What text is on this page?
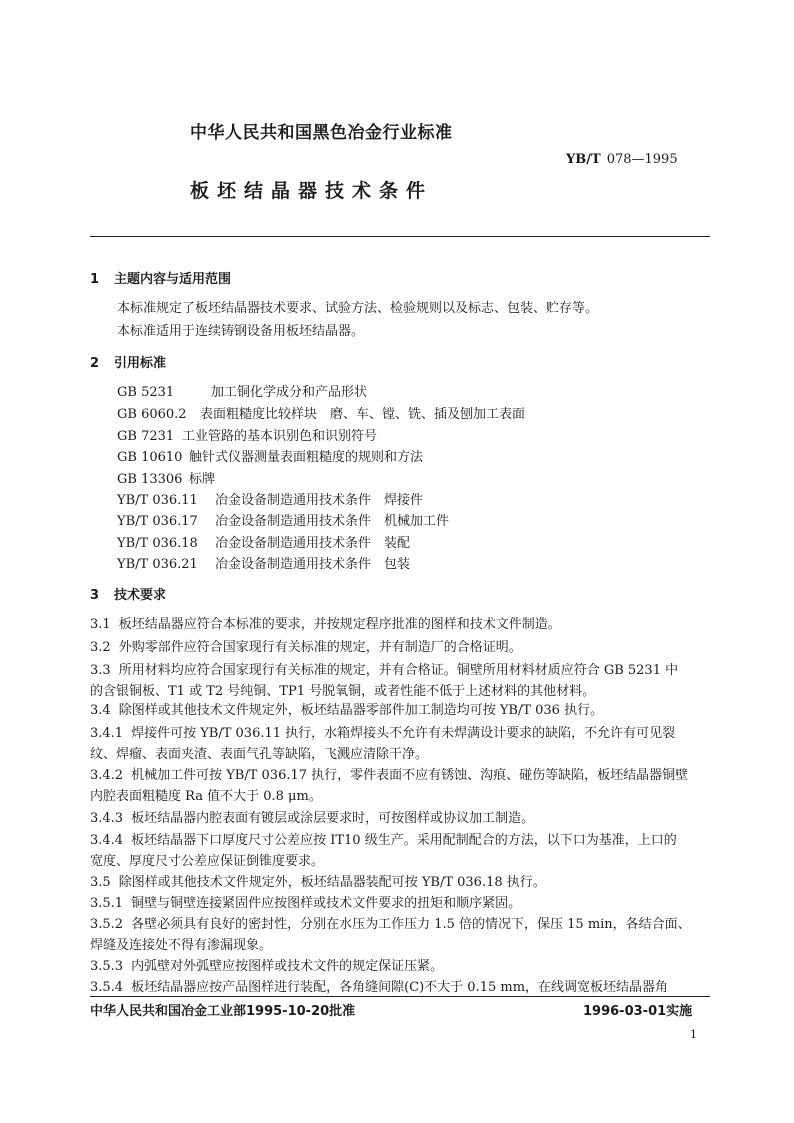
中华人民共和国黑色冶金行业标准
YB/T 078—1995
板坯结晶器技术条件
1 主题内容与适用范围
本标准规定了板坯结晶器技术要求、试验方法、检验规则以及标志、包装、贮存等。
本标准适用于连续铸钢设备用板坯结晶器。
2 引用标准
GB 5231	加工铜化学成分和产品形状
GB 6060.2 表面粗糙度比较样块　磨、车、镗、铣、插及刨加工表面
GB 7231 工业管路的基本识别色和识别符号
GB 10610 触针式仪器测量表面粗糙度的规则和方法
GB 13306 标牌
YB/T 036.11 冶金设备制造通用技术条件　焊接件
YB/T 036.17 冶金设备制造通用技术条件　机械加工件
YB/T 036.18 冶金设备制造通用技术条件　装配
YB/T 036.21 冶金设备制造通用技术条件　包装
3 技术要求
3.1 板坯结晶器应符合本标准的要求，并按规定程序批准的图样和技术文件制造。
3.2 外购零部件应符合国家现行有关标准的规定，并有制造厂的合格证明。
3.3 所用材料均应符合国家现行有关标准的规定，并有合格证。铜壁所用材料材质应符合 GB 5231 中
的含银铜板、T1 或 T2 号纯铜、TP1 号脱氧铜，或者性能不低于上述材料的其他材料。
3.4 除图样或其他技术文件规定外，板坯结晶器零部件加工制造均可按 YB/T 036 执行。
3.4.1 焊接件可按 YB/T 036.11 执行，水箱焊接头不允许有未焊满设计要求的缺陷，不允许有可见裂
纹、焊瘤、表面夹渣、表面气孔等缺陷，飞溅应清除干净。
3.4.2 机械加工件可按 YB/T 036.17 执行，零件表面不应有锈蚀、沟痕、碰伤等缺陷，板坯结晶器铜壁
内腔表面粗糙度 Ra 值不大于 0.8 μm。
3.4.3 板坯结晶器内腔表面有镀层或涂层要求时，可按图样或协议加工制造。
3.4.4 板坯结晶器下口厚度尺寸公差应按 IT10 级生产。采用配制配合的方法，以下口为基准，上口的
宽度、厚度尺寸公差应保证倒锥度要求。
3.5 除图样或其他技术文件规定外，板坯结晶器装配可按 YB/T 036.18 执行。
3.5.1 铜壁与铜壁连接紧固件应按图样或技术文件要求的扭矩和顺序紧固。
3.5.2 各壁必须具有良好的密封性，分别在水压为工作压力 1.5 倍的情况下，保压 15 min，各结合面、
焊缝及连接处不得有渗漏现象。
3.5.3 内弧壁对外弧壁应按图样或技术文件的规定保证压紧。
3.5.4 板坯结晶器应按产品图样进行装配，各角缝间隙(C)不大于 0.15 mm，在线调宽板坯结晶器角
中华人民共和国冶金工业部1995-10-20批准	1996-03-01实施
1
